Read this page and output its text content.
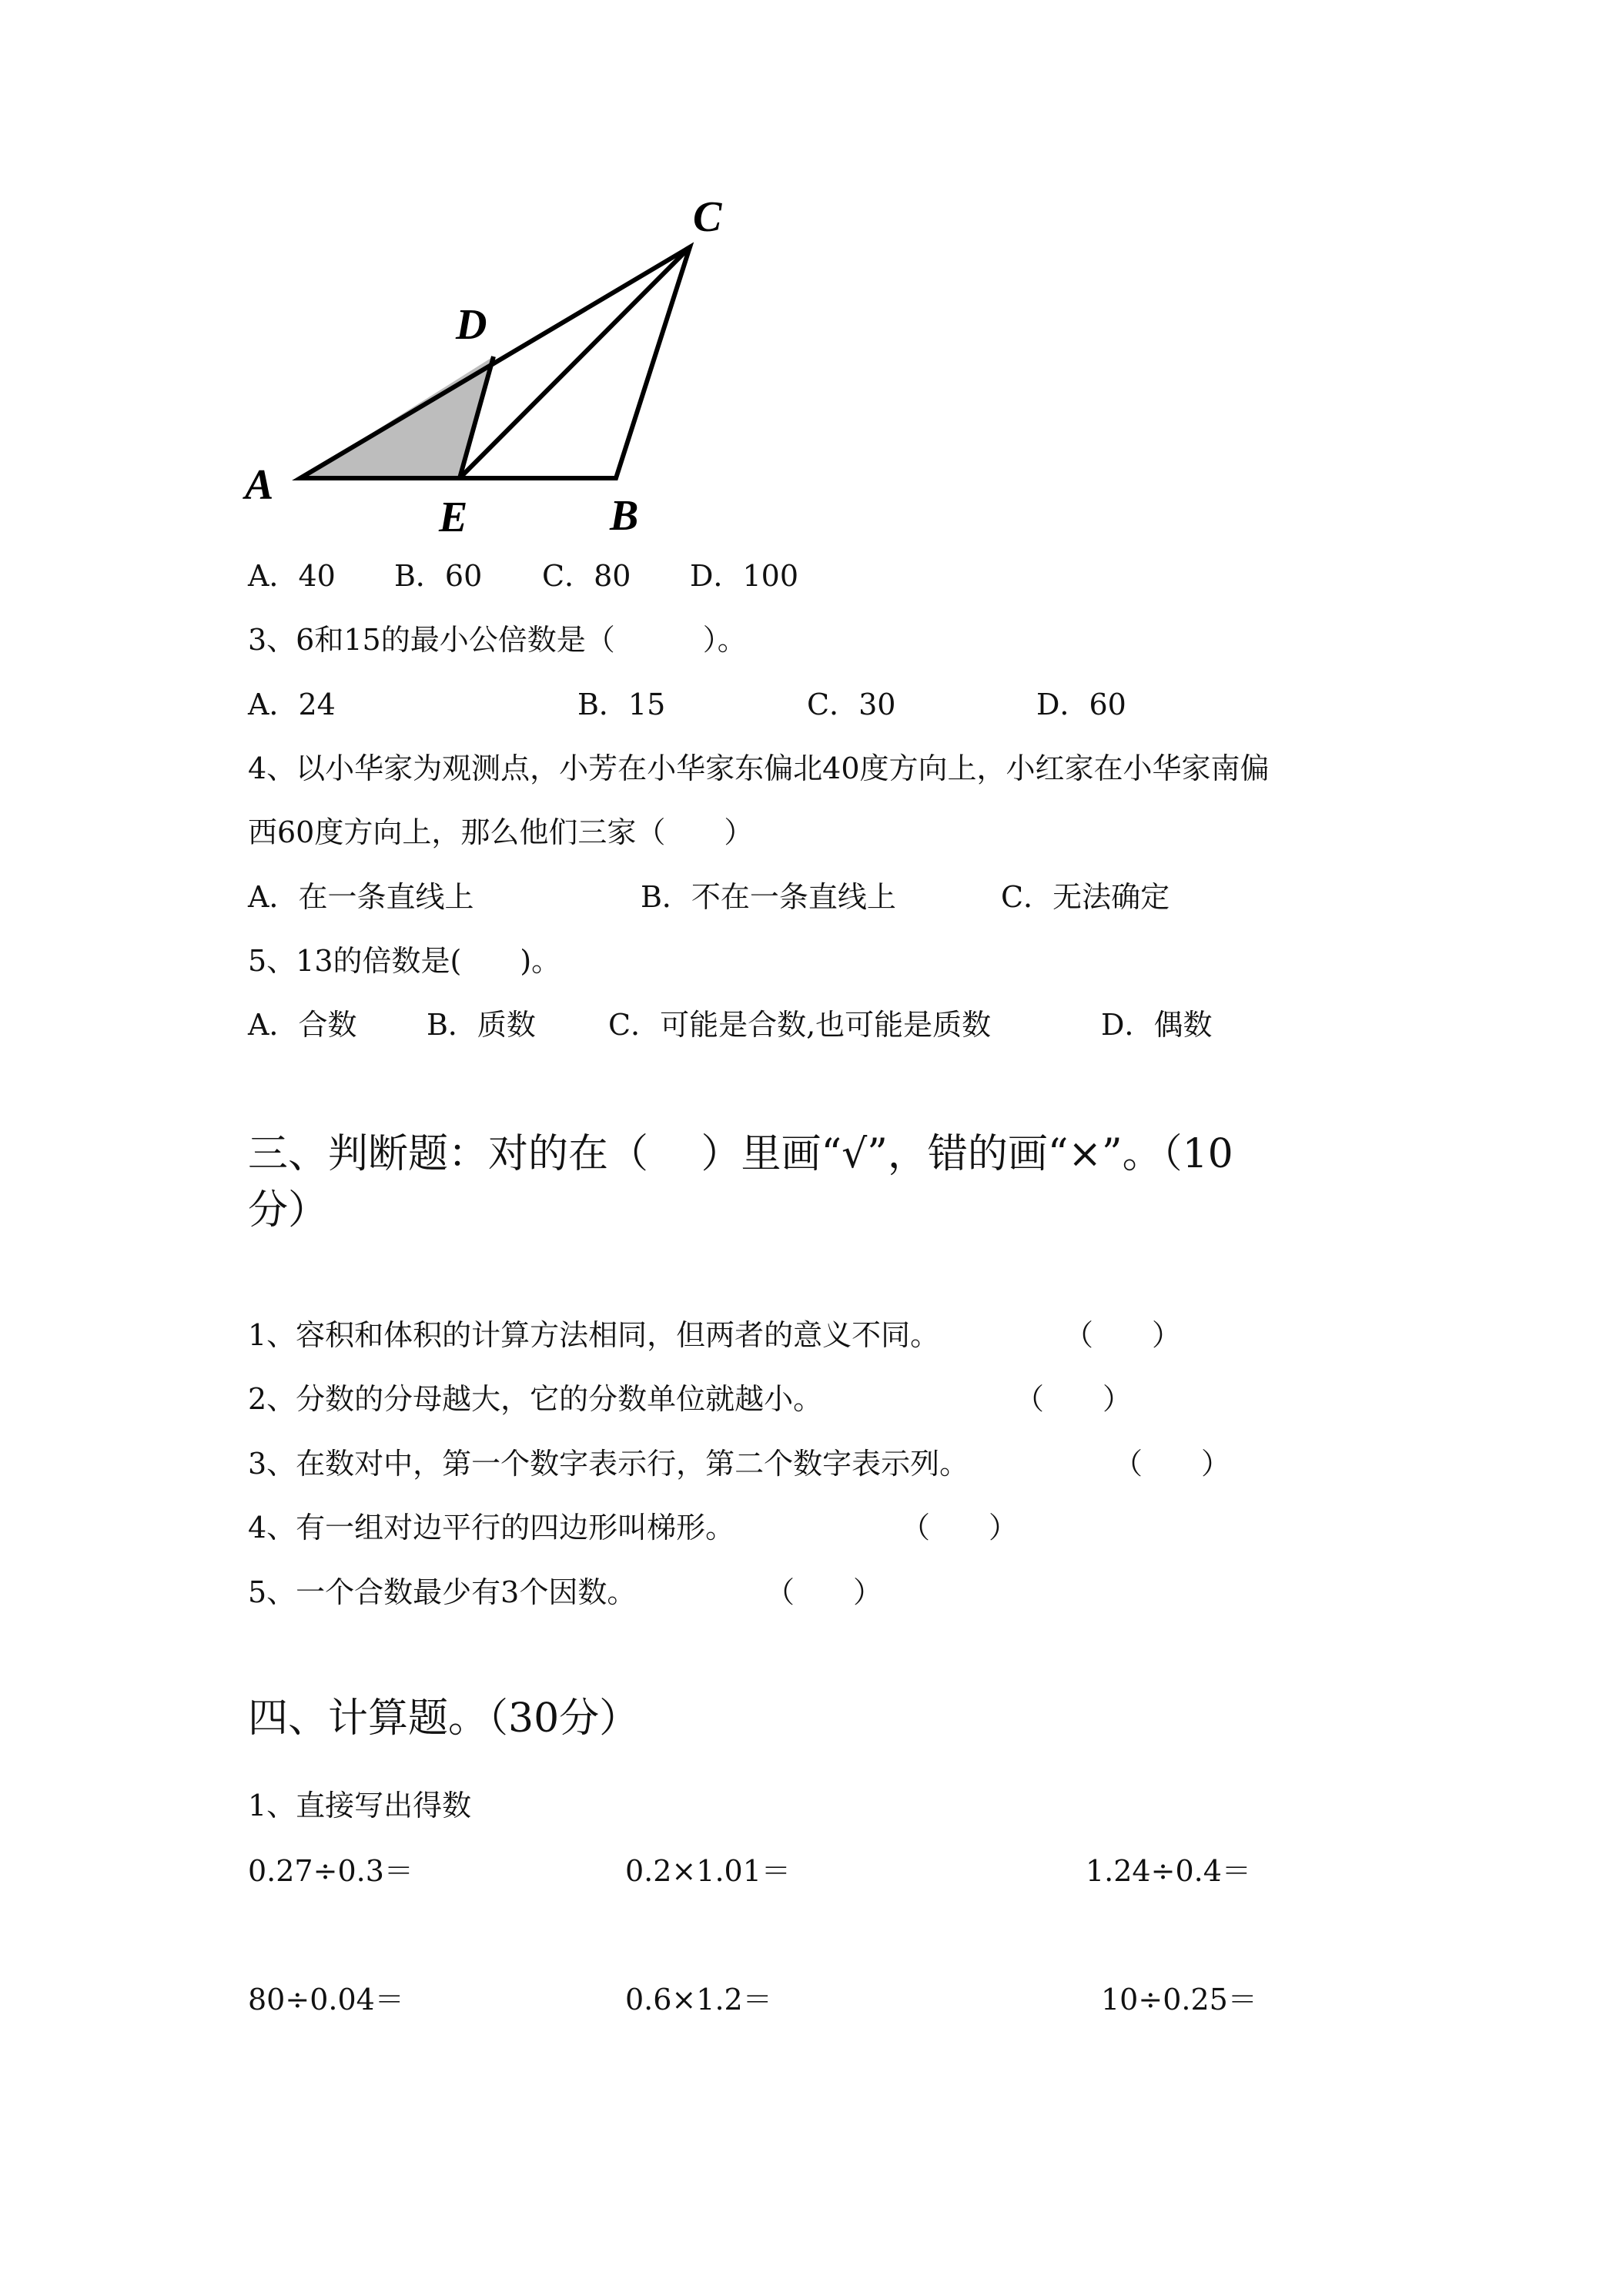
A
B
C
D
E
A．40 B．60 C．80 D．100
3、6和15的最小公倍数是（　　　）。
A．24	B．15	C．30	D．60
4、以小华家为观测点，小芳在小华家东偏北40度方向上，小红家在小华家南偏
西60度方向上，那么他们三家（　　）
A．在一条直线上	B．不在一条直线上	C．无法确定
5、13的倍数是(　　)。
A．合数 B．质数 C．可能是合数,也可能是质数	D．偶数
三、判断题：对的在（　 ）里画“√”，错的画“×”。（10
分）
1、容积和体积的计算方法相同，但两者的意义不同。	（　　）
2、分数的分母越大，它的分数单位就越小。	（　　）
3、在数对中，第一个数字表示行，第二个数字表示列。	（　　）
4、有一组对边平行的四边形叫梯形。	（　　）
5、一个合数最少有3个因数。	（　　）
四、计算题。（30分）
1、直接写出得数
0.27÷0.3＝	0.2×1.01＝	1.24÷0.4＝
80÷0.04＝	0.6×1.2＝	10÷0.25＝
